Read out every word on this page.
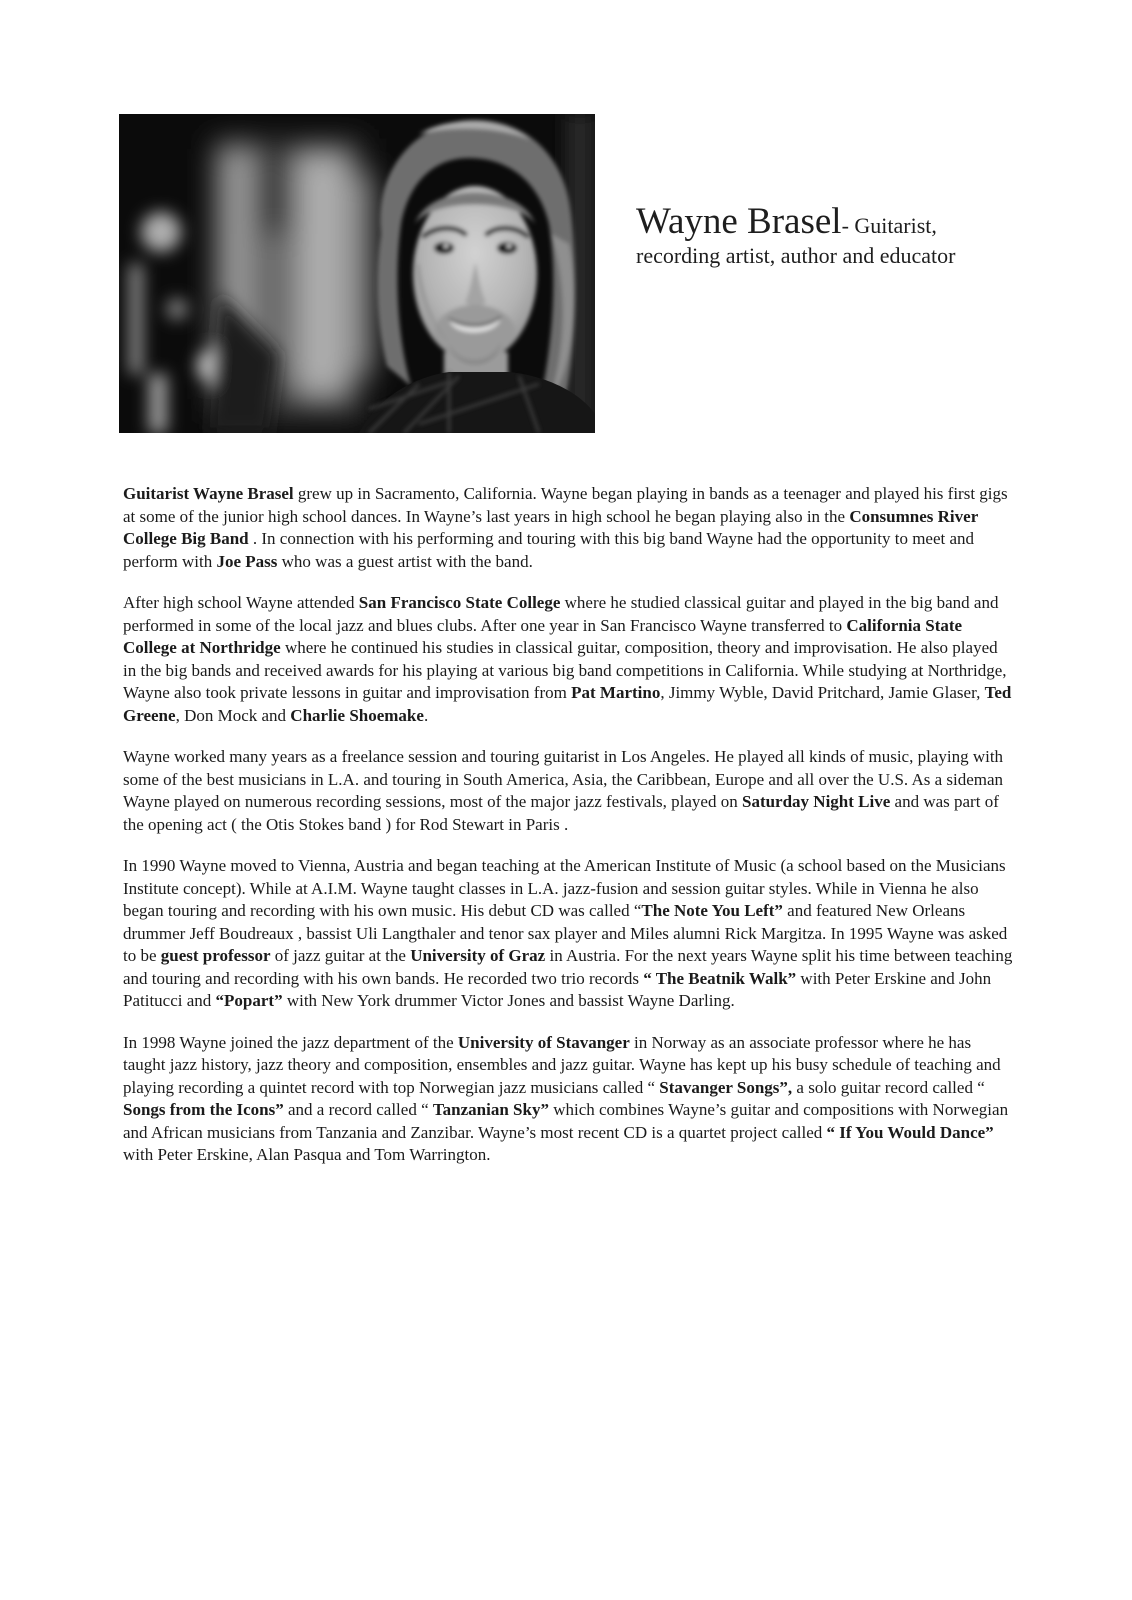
Wayne Brasel- Guitarist, recording artist, author and educator

Guitarist Wayne Brasel grew up in Sacramento, California. Wayne began playing in bands as a teenager and played his first gigs at some of the junior high school dances. In Wayne’s last years in high school he began playing also in the Consumnes River College Big Band . In connection with his performing and touring with this big band Wayne had the opportunity to meet and perform with Joe Pass who was a guest artist with the band.

After high school Wayne attended San Francisco State College where he studied classical guitar and played in the big band and performed in some of the local jazz and blues clubs. After one year in San Francisco Wayne transferred to California State College at Northridge where he continued his studies in classical guitar, composition, theory and improvisation. He also played in the big bands and received awards for his playing at various big band competitions in California. While studying at Northridge, Wayne also took private lessons in guitar and improvisation from Pat Martino, Jimmy Wyble, David Pritchard, Jamie Glaser, Ted Greene, Don Mock and Charlie Shoemake.

Wayne worked many years as a freelance session and touring guitarist in Los Angeles. He played all kinds of music, playing with some of the best musicians in L.A. and touring in South America, Asia, the Caribbean, Europe and all over the U.S. As a sideman Wayne played on numerous recording sessions, most of the major jazz festivals, played on Saturday Night Live and was part of the opening act ( the Otis Stokes band ) for Rod Stewart in Paris .

In 1990 Wayne moved to Vienna, Austria and began teaching at the American Institute of Music (a school based on the Musicians Institute concept). While at A.I.M. Wayne taught classes in L.A. jazz-fusion and session guitar styles. While in Vienna he also began touring and recording with his own music. His debut CD was called “The Note You Left” and featured New Orleans drummer Jeff Boudreaux , bassist Uli Langthaler and tenor sax player and Miles alumni Rick Margitza. In 1995 Wayne was asked to be guest professor of jazz guitar at the University of Graz in Austria. For the next years Wayne split his time between teaching and touring and recording with his own bands. He recorded two trio records “ The Beatnik Walk” with Peter Erskine and John Patitucci and “Popart” with New York drummer Victor Jones and bassist Wayne Darling.

In 1998 Wayne joined the jazz department of the University of Stavanger in Norway as an associate professor where he has taught jazz history, jazz theory and composition, ensembles and jazz guitar. Wayne has kept up his busy schedule of teaching and playing recording a quintet record with top Norwegian jazz musicians called “ Stavanger Songs”, a solo guitar record called “ Songs from the Icons” and a record called “ Tanzanian Sky” which combines Wayne’s guitar and compositions with Norwegian and African musicians from Tanzania and Zanzibar. Wayne’s most recent CD is a quartet project called “ If You Would Dance” with Peter Erskine, Alan Pasqua and Tom Warrington.
